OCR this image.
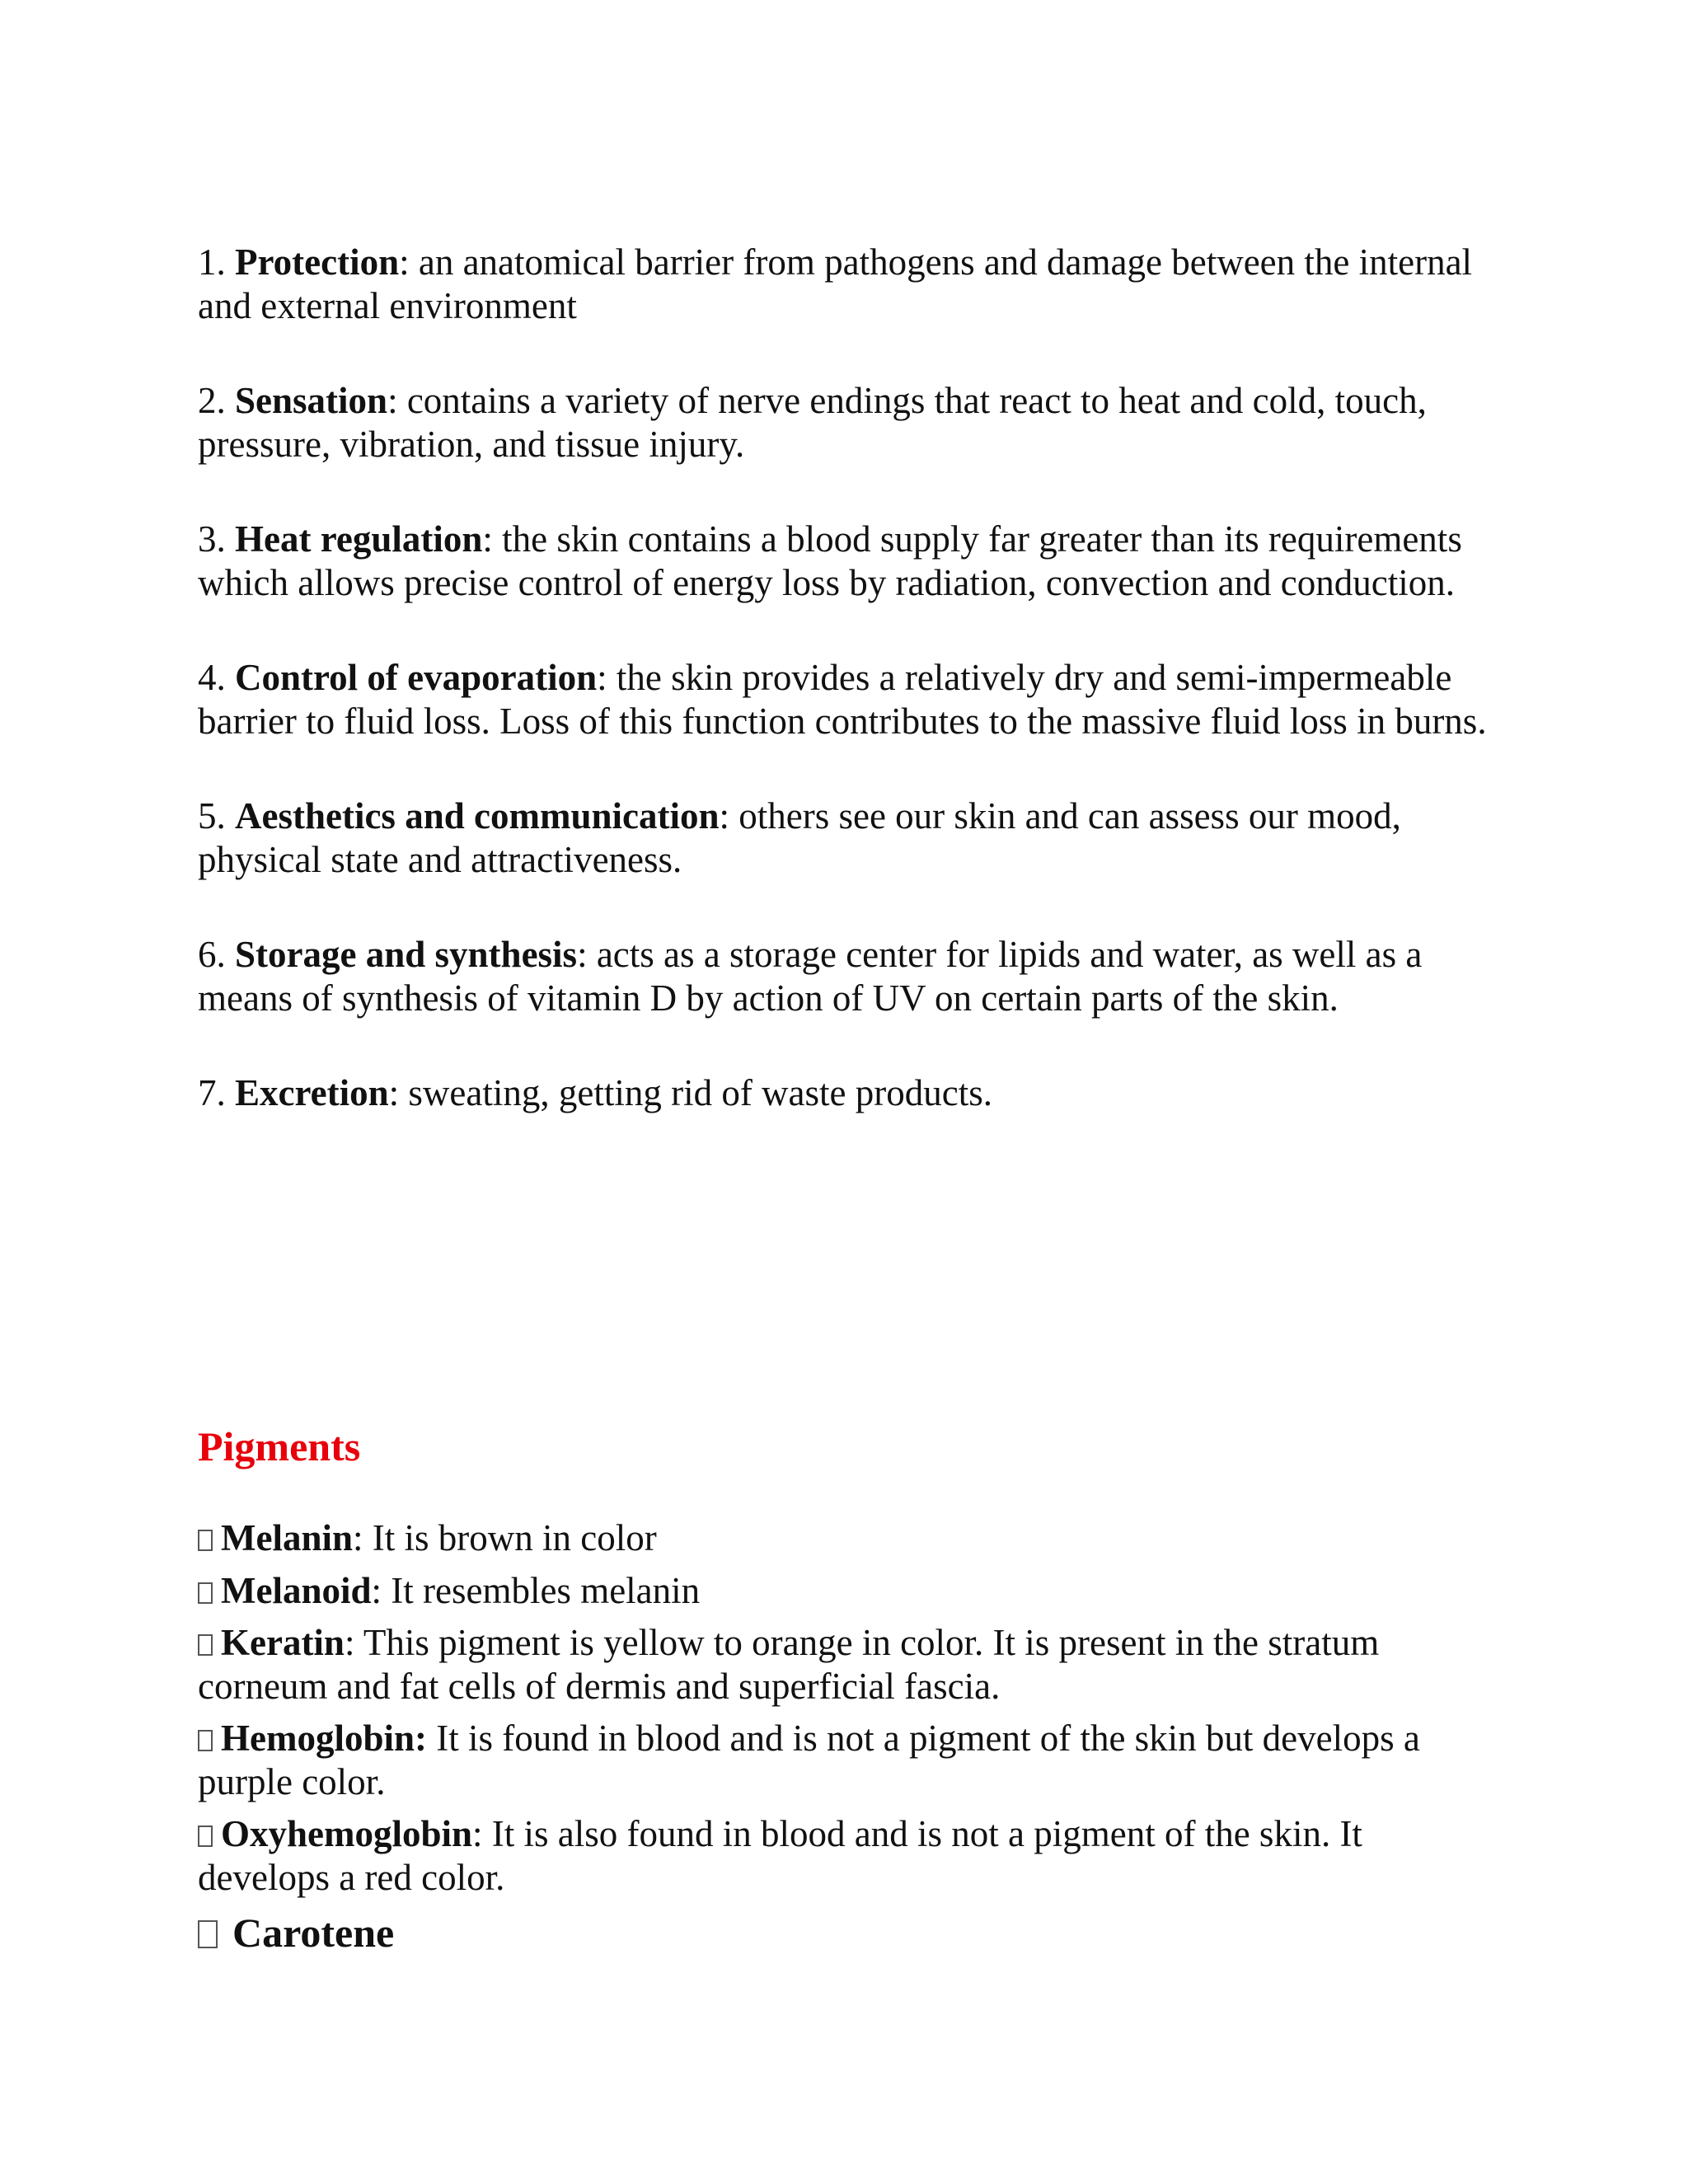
1. Protection: an anatomical barrier from pathogens and damage between the internal and external environment

2. Sensation: contains a variety of nerve endings that react to heat and cold, touch, pressure, vibration, and tissue injury.

3. Heat regulation: the skin contains a blood supply far greater than its requirements which allows precise control of energy loss by radiation, convection and conduction.

4. Control of evaporation: the skin provides a relatively dry and semi-impermeable barrier to fluid loss. Loss of this function contributes to the massive fluid loss in burns.

5. Aesthetics and communication: others see our skin and can assess our mood, physical state and attractiveness.

6. Storage and synthesis: acts as a storage center for lipids and water, as well as a means of synthesis of vitamin D by action of UV on certain parts of the skin.

7. Excretion: sweating, getting rid of waste products.

Pigments
Melanin: It is brown in color
Melanoid: It resembles melanin
Keratin: This pigment is yellow to orange in color. It is present in the stratum corneum and fat cells of dermis and superficial fascia.
Hemoglobin: It is found in blood and is not a pigment of the skin but develops a purple color.
Oxyhemoglobin: It is also found in blood and is not a pigment of the skin. It develops a red color.
Carotene
